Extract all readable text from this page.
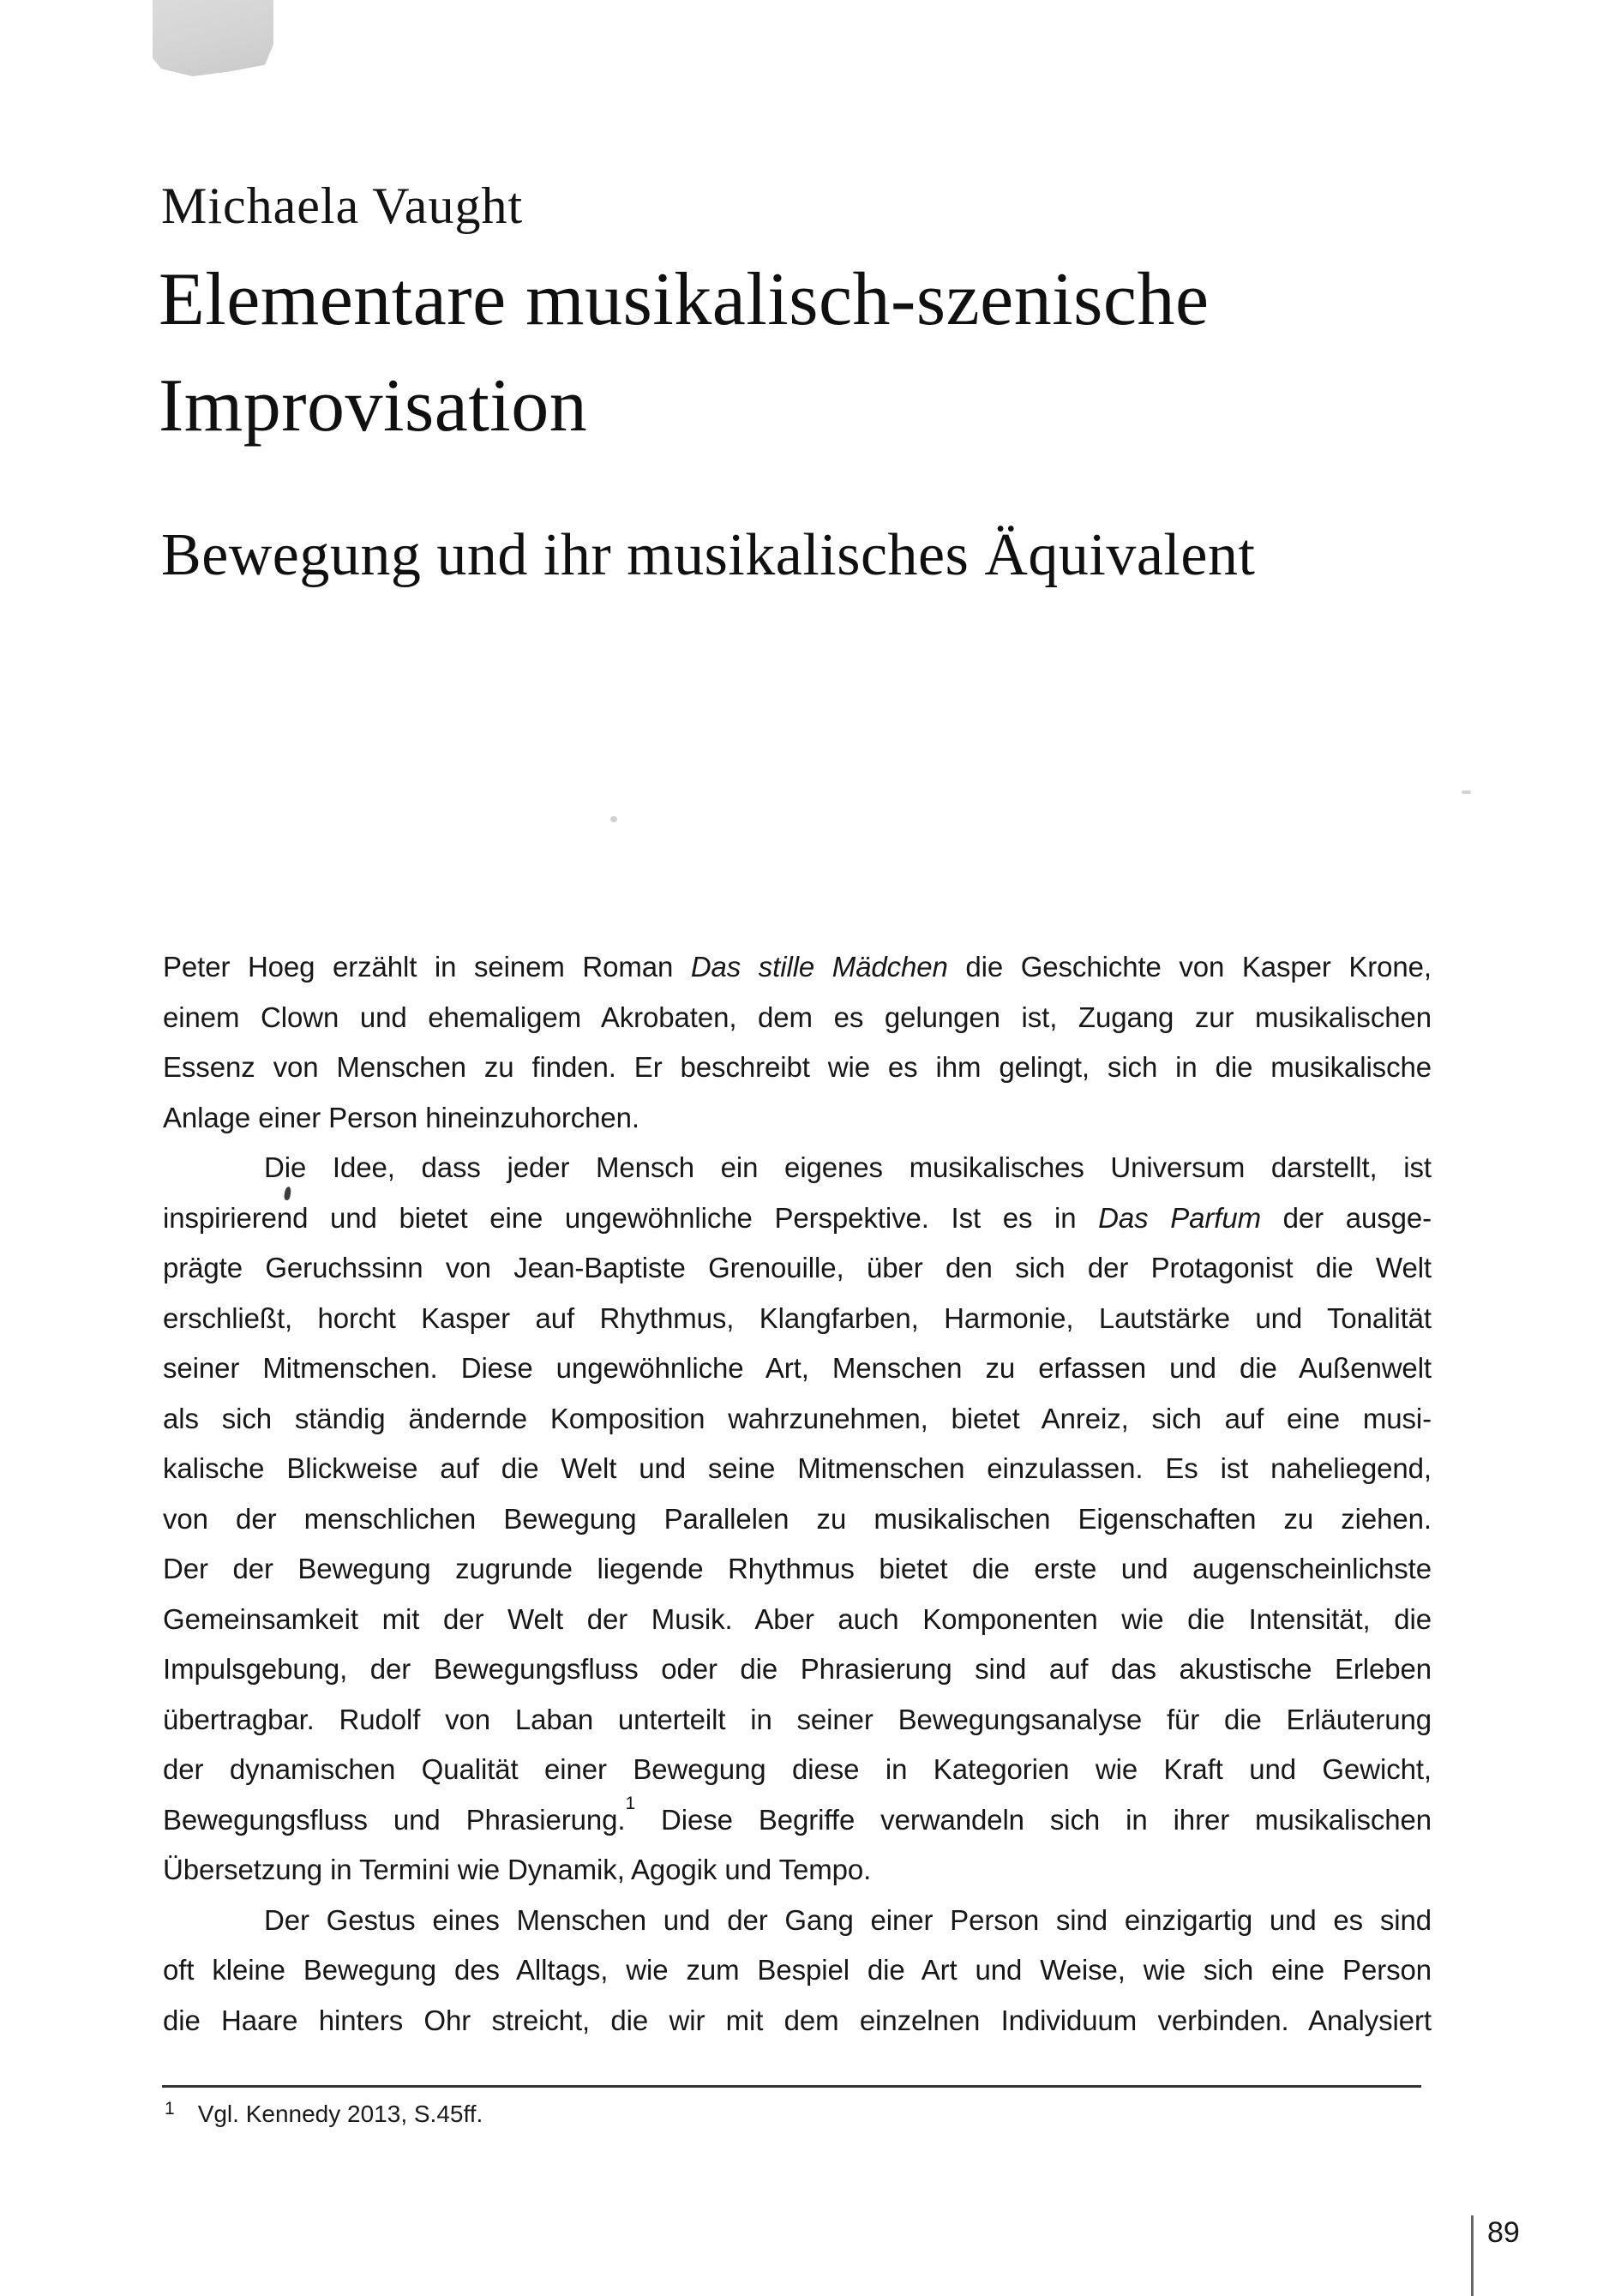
Michaela Vaught
Elementare musikalisch-szenische
Improvisation
Bewegung und ihr musikalisches Äquivalent
Peter Hoeg erzählt in seinem Roman Das stille Mädchen die Geschichte von Kasper Krone,
einem Clown und ehemaligem Akrobaten, dem es gelungen ist, Zugang zur musikalischen
Essenz von Menschen zu finden. Er beschreibt wie es ihm gelingt, sich in die musikalische
Anlage einer Person hineinzuhorchen.
Die Idee, dass jeder Mensch ein eigenes musikalisches Universum darstellt, ist
inspirierend und bietet eine ungewöhnliche Perspektive. Ist es in Das Parfum der ausge-
prägte Geruchssinn von Jean-Baptiste Grenouille, über den sich der Protagonist die Welt
erschließt, horcht Kasper auf Rhythmus, Klangfarben, Harmonie, Lautstärke und Tonalität
seiner Mitmenschen. Diese ungewöhnliche Art, Menschen zu erfassen und die Außenwelt
als sich ständig ändernde Komposition wahrzunehmen, bietet Anreiz, sich auf eine musi-
kalische Blickweise auf die Welt und seine Mitmenschen einzulassen. Es ist naheliegend,
von der menschlichen Bewegung Parallelen zu musikalischen Eigenschaften zu ziehen.
Der der Bewegung zugrunde liegende Rhythmus bietet die erste und augenscheinlichste
Gemeinsamkeit mit der Welt der Musik. Aber auch Komponenten wie die Intensität, die
Impulsgebung, der Bewegungsfluss oder die Phrasierung sind auf das akustische Erleben
übertragbar. Rudolf von Laban unterteilt in seiner Bewegungsanalyse für die Erläuterung
der dynamischen Qualität einer Bewegung diese in Kategorien wie Kraft und Gewicht,
Bewegungsfluss und Phrasierung.$^1$ Diese Begriffe verwandeln sich in ihrer musikalischen
Übersetzung in Termini wie Dynamik, Agogik und Tempo.
Der Gestus eines Menschen und der Gang einer Person sind einzigartig und es sind
oft kleine Bewegung des Alltags, wie zum Bespiel die Art und Weise, wie sich eine Person
die Haare hinters Ohr streicht, die wir mit dem einzelnen Individuum verbinden. Analysiert
1 Vgl. Kennedy 2013, S.45ff.
89
